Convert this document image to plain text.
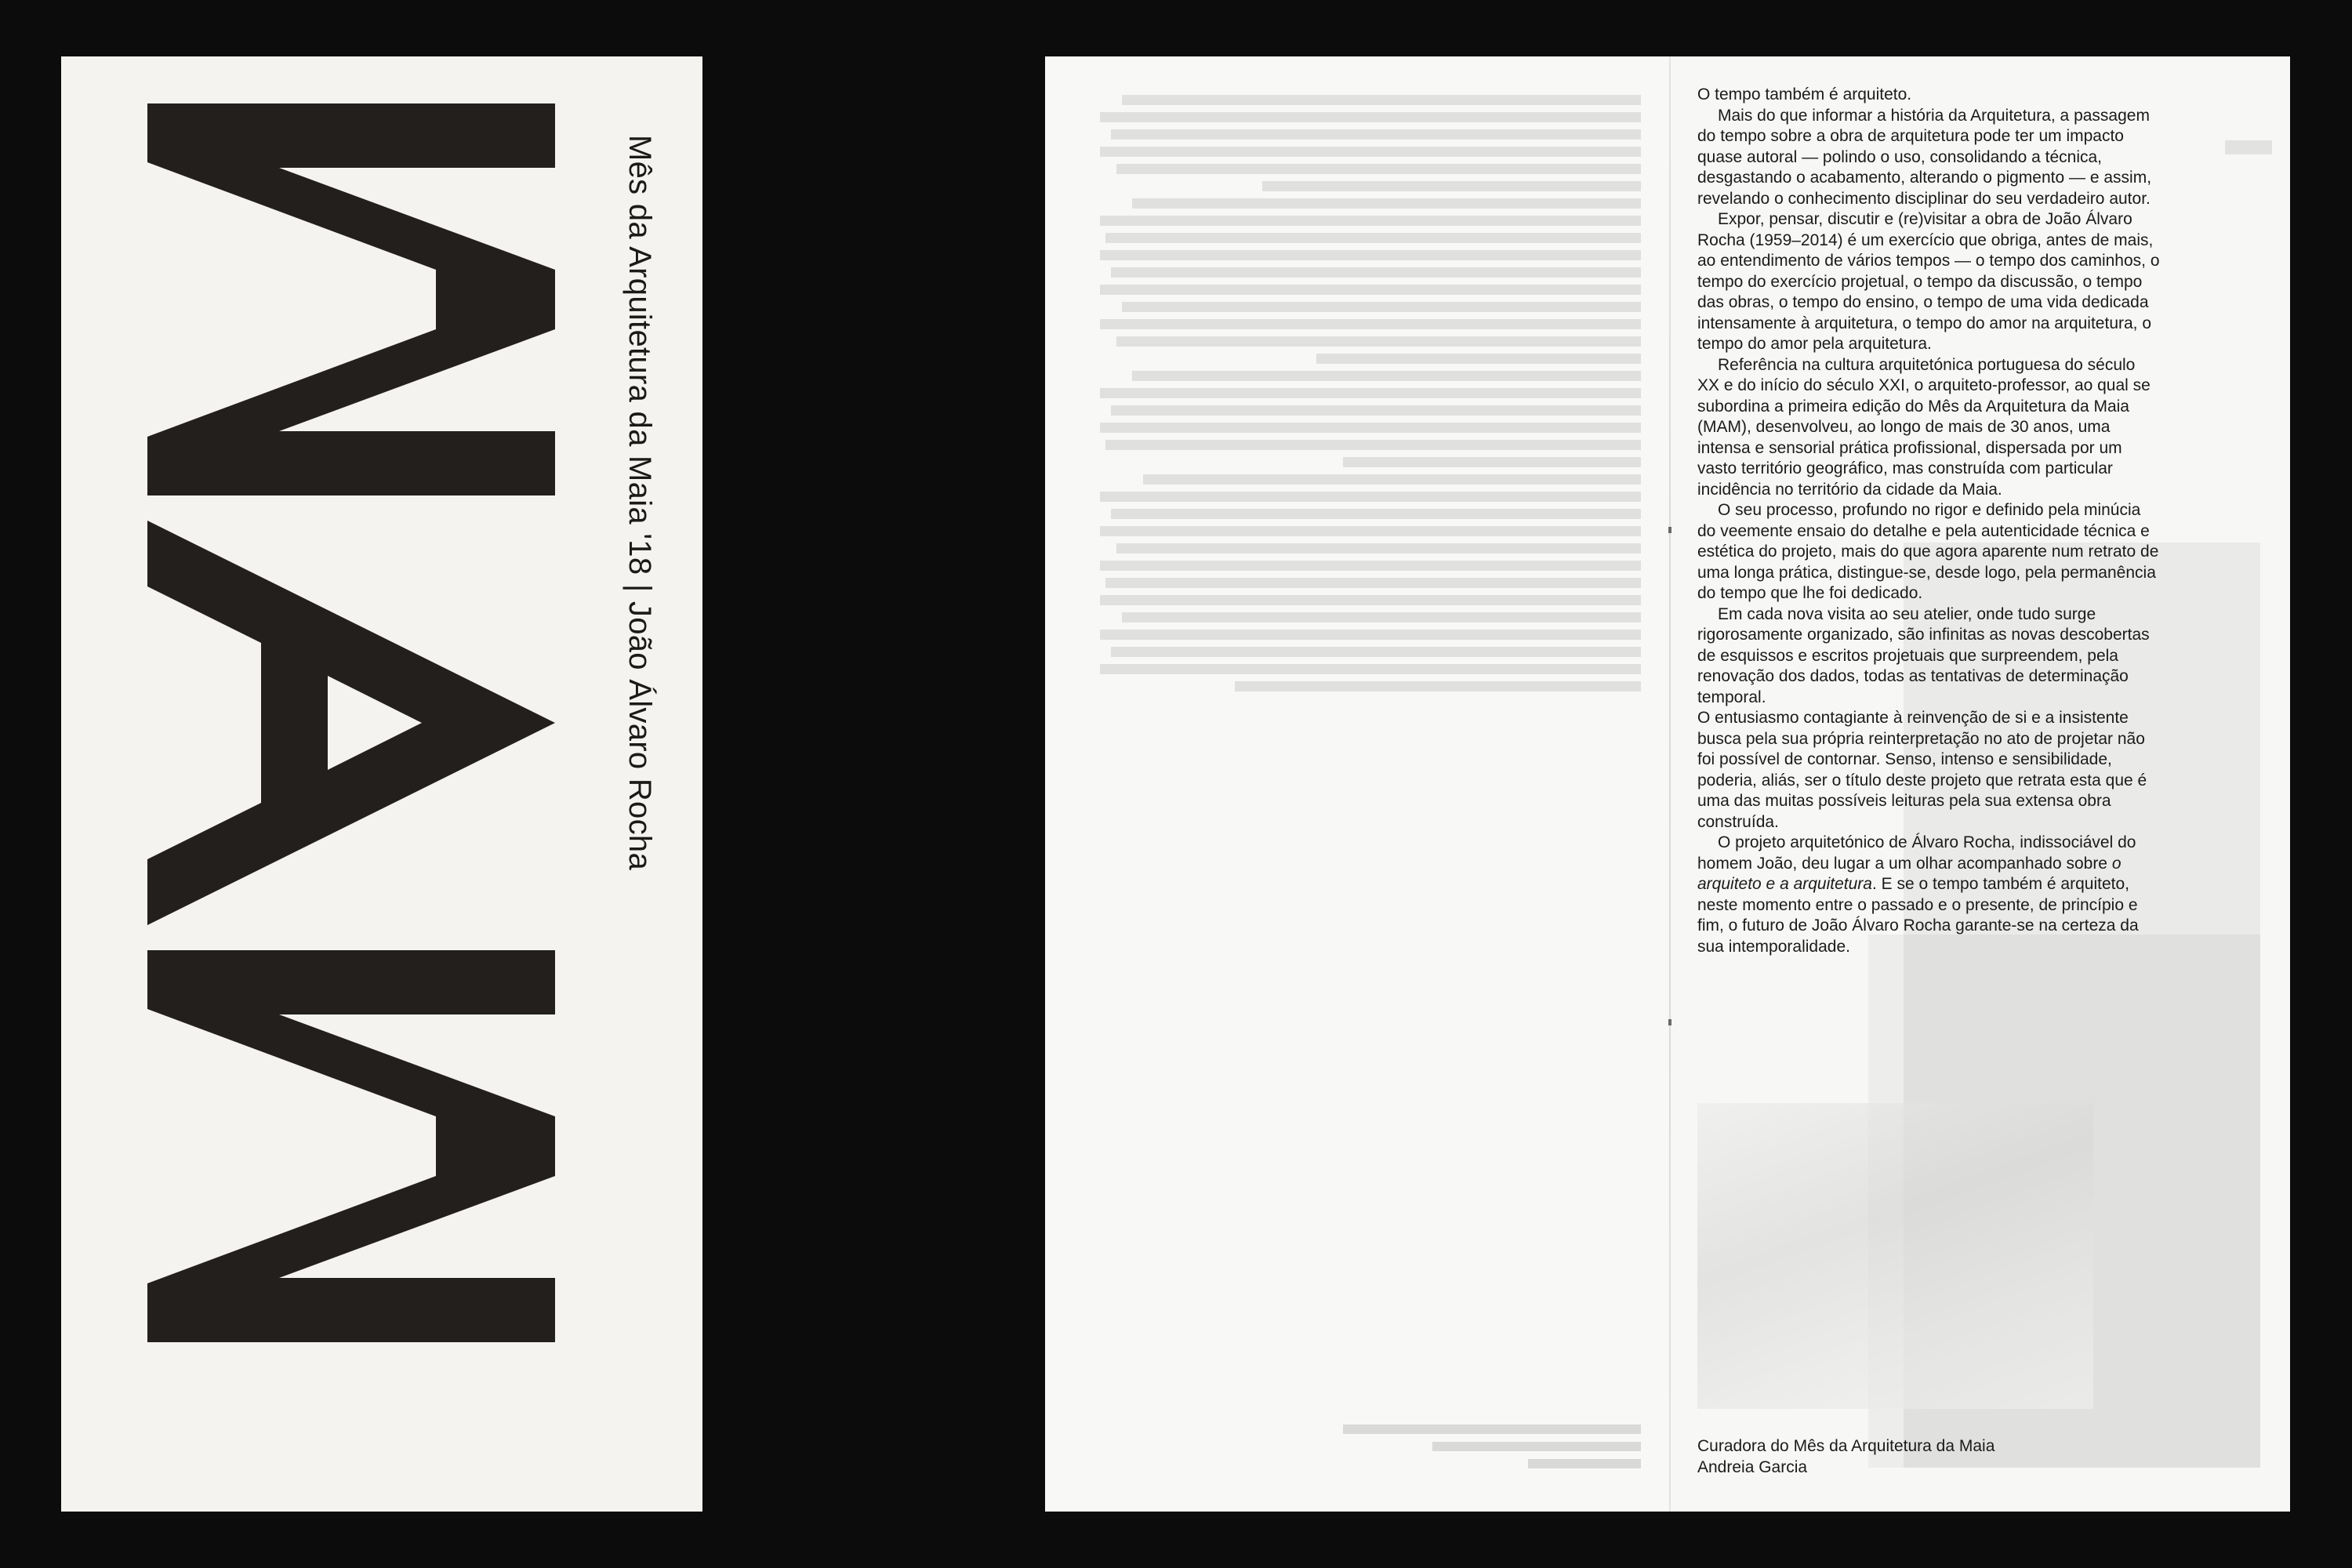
Mês da Arquitetura da Maia '18 | João Álvaro Rocha	▬

O tempo também é arquiteto.

Mais do que informar a história da Arquitetura, a passagem do tempo sobre a obra de arquitetura pode ter um impacto quase autoral — polindo o uso, consolidando a técnica, desgastando o acabamento, alterando o pigmento — e assim, revelando o conhecimento disciplinar do seu verdadeiro autor.

Expor, pensar, discutir e (re)visitar a obra de João Álvaro Rocha (1959–2014) é um exercício que obriga, antes de mais, ao entendimento de vários tempos — o tempo dos caminhos, o tempo do exercício projetual, o tempo da discussão, o tempo das obras, o tempo do ensino, o tempo de uma vida dedicada intensamente à arquitetura, o tempo do amor na arquitetura, o tempo do amor pela arquitetura.

Referência na cultura arquitetónica portuguesa do século XX e do início do século XXI, o arquiteto-professor, ao qual se subordina a primeira edição do Mês da Arquitetura da Maia (MAM), desenvolveu, ao longo de mais de 30 anos, uma intensa e sensorial prática profissional, dispersada por um vasto território geográfico, mas construída com particular incidência no território da cidade da Maia.

O seu processo, profundo no rigor e definido pela minúcia do veemente ensaio do detalhe e pela autenticidade técnica e estética do projeto, mais do que agora aparente num retrato de uma longa prática, distingue-se, desde logo, pela permanência do tempo que lhe foi dedicado.

Em cada nova visita ao seu atelier, onde tudo surge rigorosamente organizado, são infinitas as novas descobertas de esquissos e escritos projetuais que surpreendem, pela renovação dos dados, todas as tentativas de determinação temporal.

O entusiasmo contagiante à reinvenção de si e a insistente busca pela sua própria reinterpretação no ato de projetar não foi possível de contornar. Senso, intenso e sensibilidade, poderia, aliás, ser o título deste projeto que retrata esta que é uma das muitas possíveis leituras pela sua extensa obra construída.

O projeto arquitetónico de Álvaro Rocha, indissociável do homem João, deu lugar a um olhar acompanhado sobre o arquiteto e a arquitetura. E se o tempo também é arquiteto, neste momento entre o passado e o presente, de princípio e fim, o futuro de João Álvaro Rocha garante-se na certeza da sua intemporalidade.

Curadora do Mês da Arquitetura da Maia
Andreia Garcia
